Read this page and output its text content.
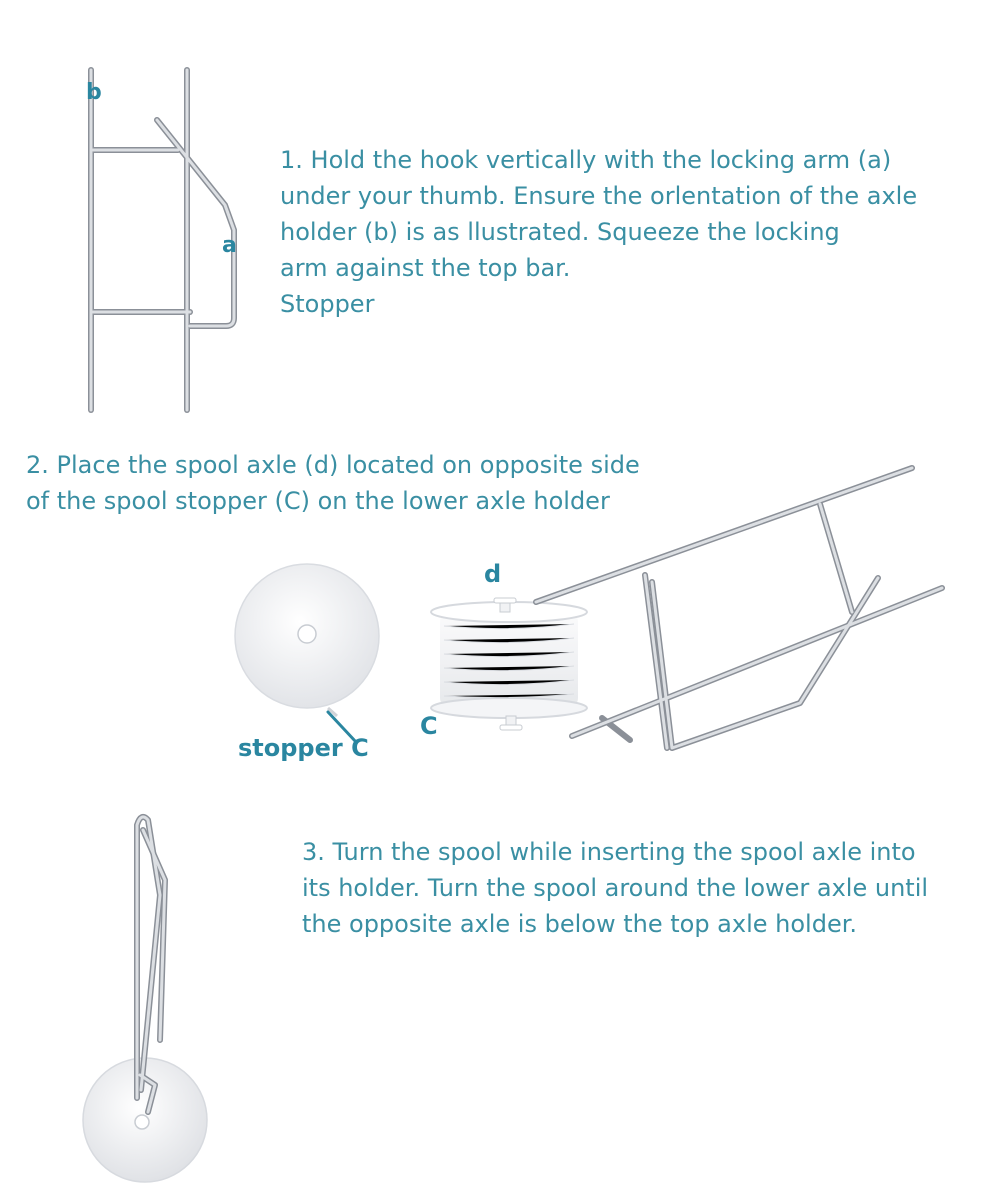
b
a
1. Hold the hook vertically with the locking arm (a)
under your thumb. Ensure the orlentation of the axle
holder (b) is as llustrated. Squeeze the locking
arm against the top bar.
Stopper
2. Place the spool axle (d) located on opposite side
of the spool stopper (C) on the lower axle holder
d
C
stopper C
3. Turn the spool while inserting the spool axle into
its holder. Turn the spool around the lower axle until
the opposite axle is below the top axle holder.
